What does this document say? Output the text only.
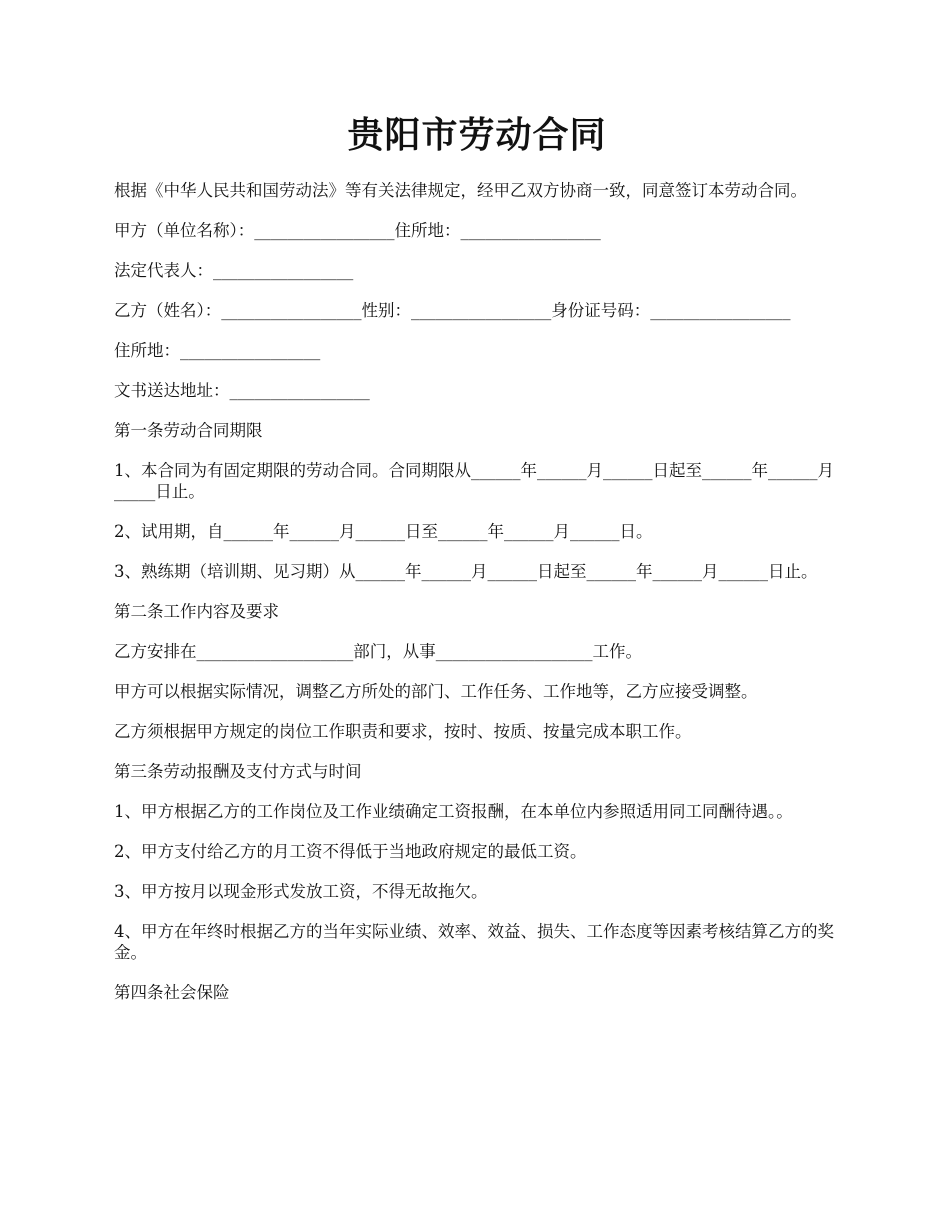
贵阳市劳动合同

根据《中华人民共和国劳动法》等有关法律规定，经甲乙双方协商一致，同意签订本劳动合同。

甲方（单位名称）：_________________住所地：_________________

法定代表人：_________________

乙方（姓名）：_________________性别：_________________身份证号码：_________________

住所地：_________________

文书送达地址：_________________

第一条劳动合同期限

1、本合同为有固定期限的劳动合同。合同期限从______年______月______日起至______年______月_____日止。

2、试用期，自______年______月______日至______年______月______日。

3、熟练期（培训期、见习期）从______年______月______日起至______年______月______日止。

第二条工作内容及要求

乙方安排在___________________部门，从事___________________工作。

甲方可以根据实际情况，调整乙方所处的部门、工作任务、工作地等，乙方应接受调整。

乙方须根据甲方规定的岗位工作职责和要求，按时、按质、按量完成本职工作。

第三条劳动报酬及支付方式与时间

1、甲方根据乙方的工作岗位及工作业绩确定工资报酬，在本单位内参照适用同工同酬待遇。。

2、甲方支付给乙方的月工资不得低于当地政府规定的最低工资。

3、甲方按月以现金形式发放工资，不得无故拖欠。

4、甲方在年终时根据乙方的当年实际业绩、效率、效益、损失、工作态度等因素考核结算乙方的奖金。

第四条社会保险
